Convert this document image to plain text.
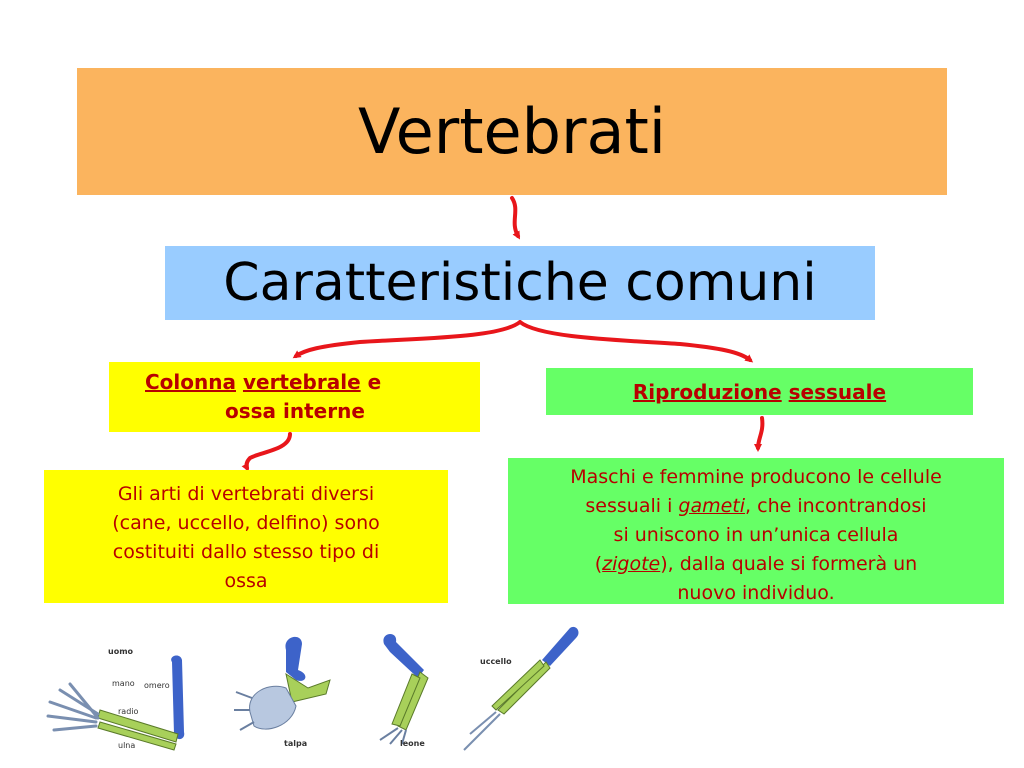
Vertebrati
Caratteristiche comuni
Colonna vertebrale e
ossa interne
Riproduzione sessuale
Gli arti di vertebrati diversi
(cane, uccello, delfino) sono
costituiti dallo stesso tipo di
ossa
Maschi e femmine producono le cellule
sessuali i gameti, che incontrandosi
si uniscono in un’unica cellula
(zigote), dalla quale si formerà un
nuovo individuo.
uomo
mano omero
radio
ulna	talpa	leone
uccello
